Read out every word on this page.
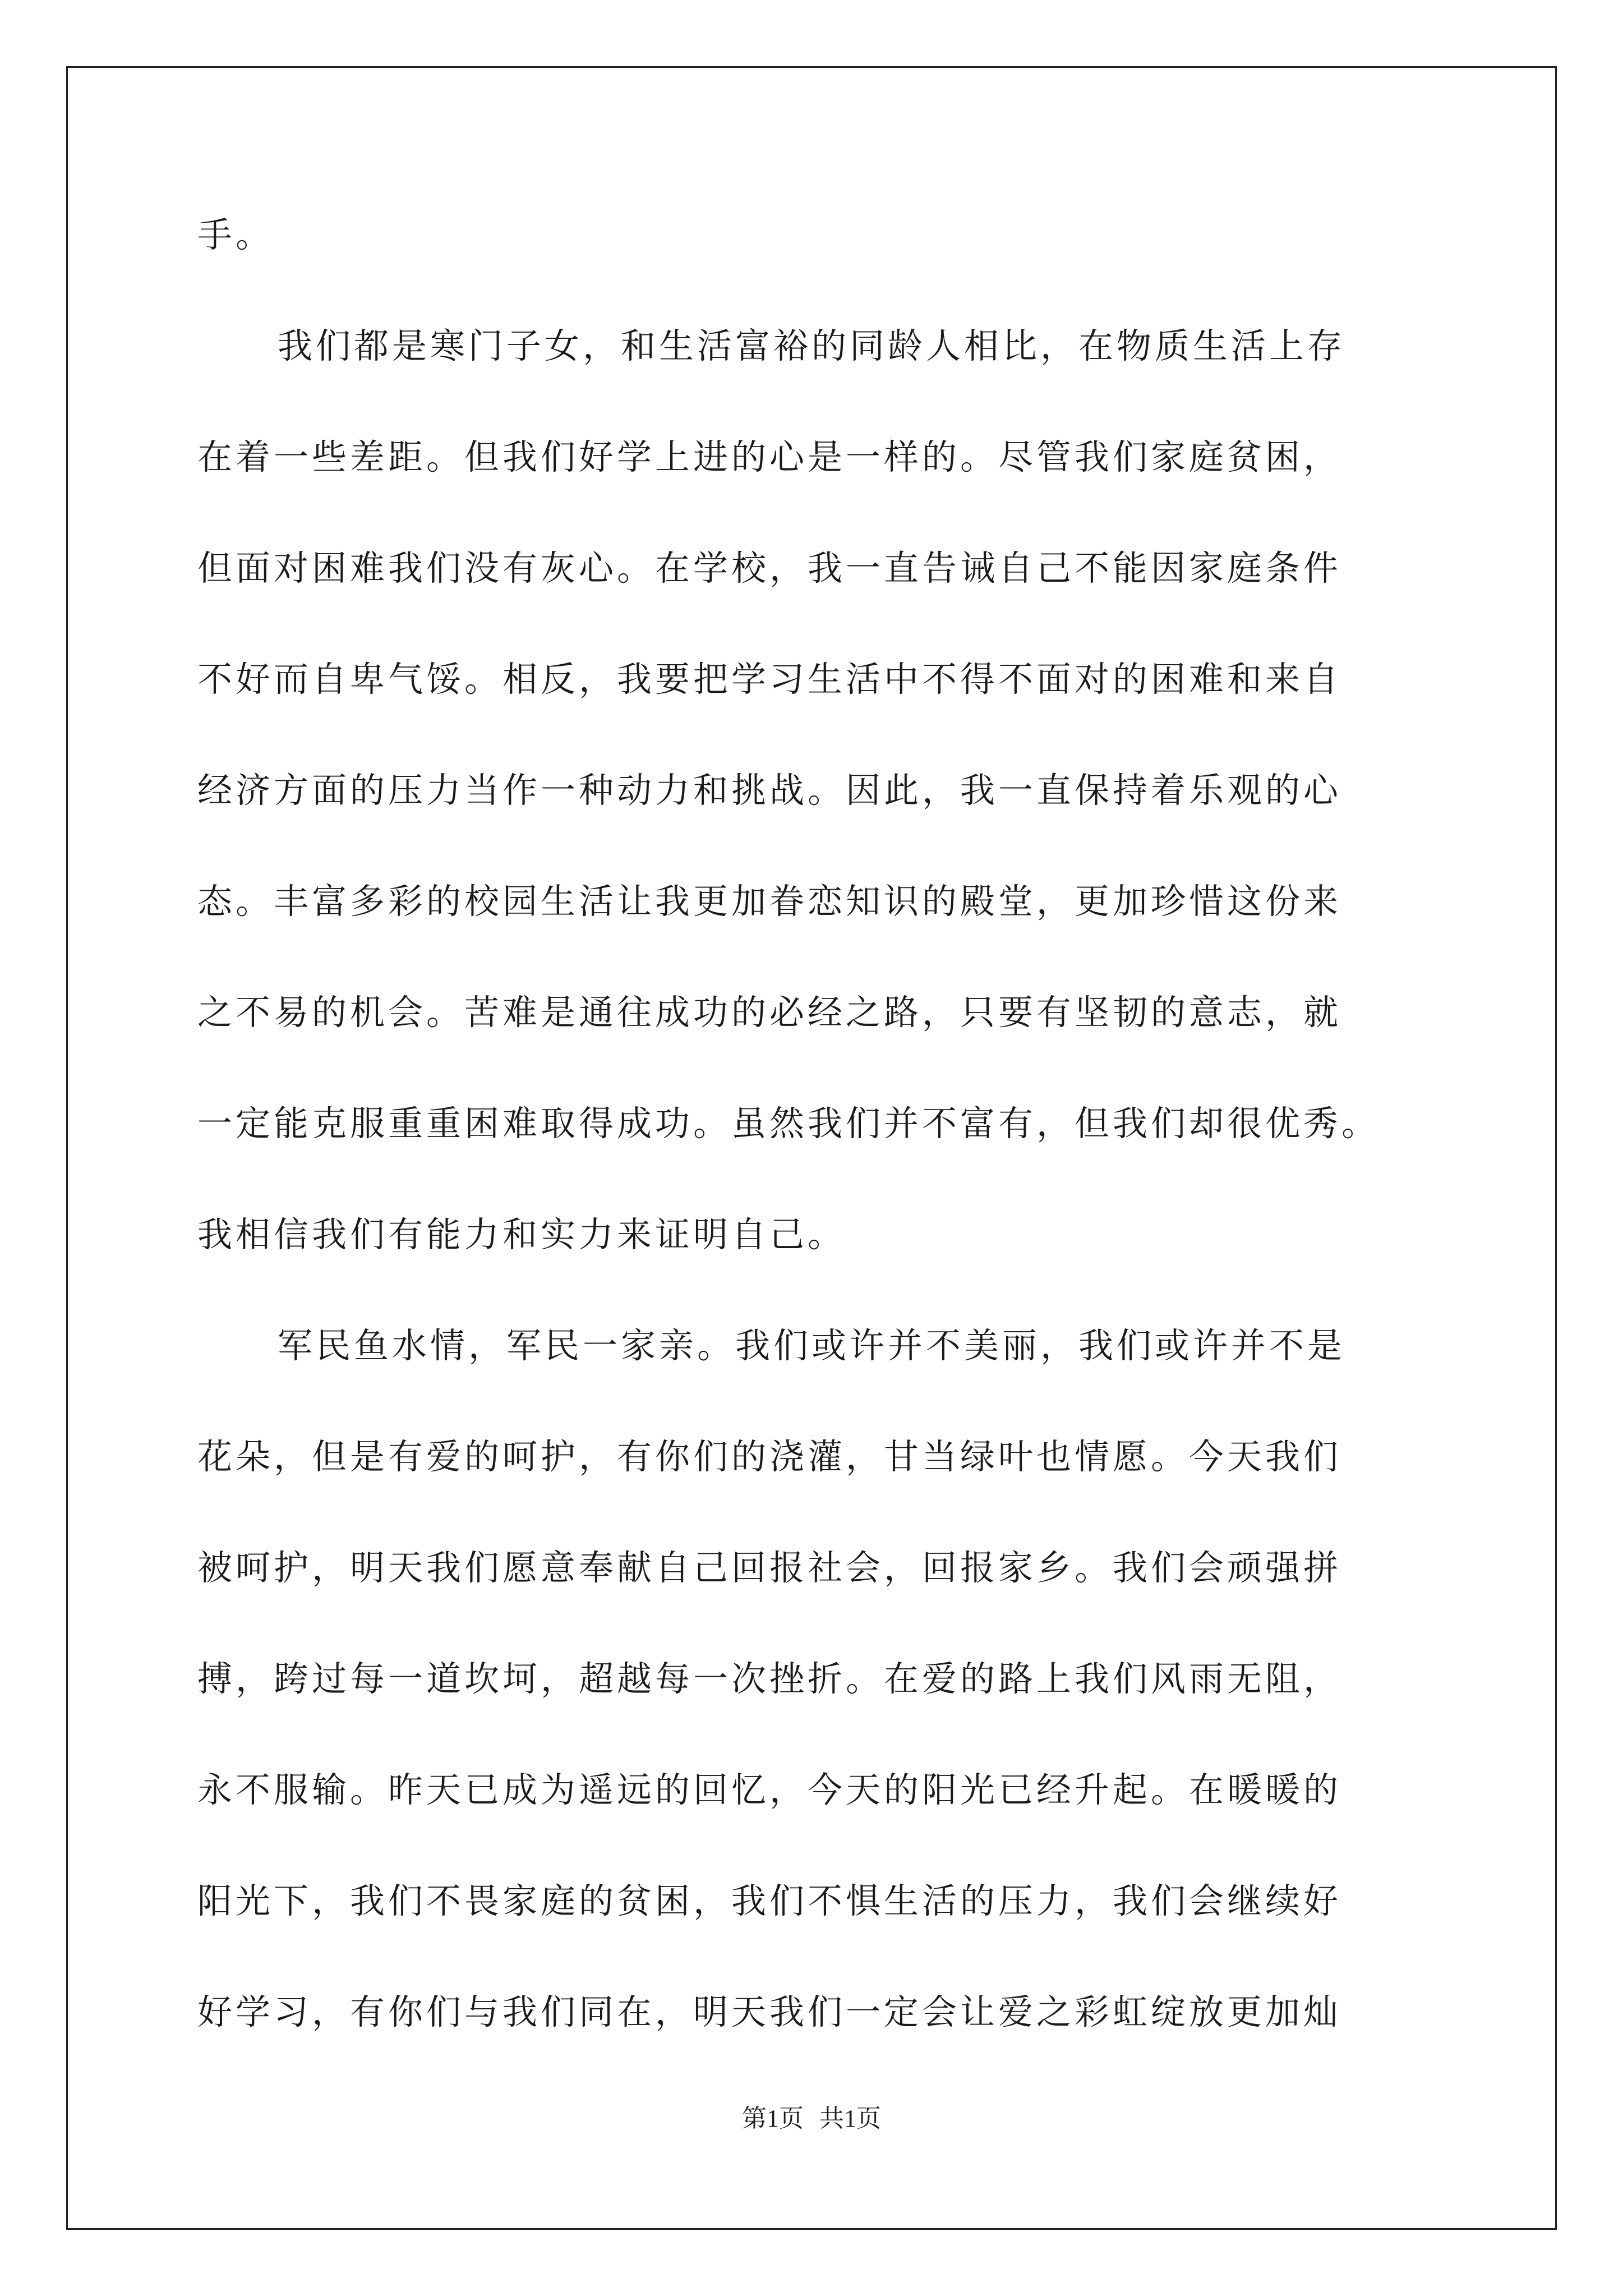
手。
我们都是寒门子女，和生活富裕的同龄人相比，在物质生活上存
在着一些差距。但我们好学上进的心是一样的。尽管我们家庭贫困，
但面对困难我们没有灰心。在学校，我一直告诫自己不能因家庭条件
不好而自卑气馁。相反，我要把学习生活中不得不面对的困难和来自
经济方面的压力当作一种动力和挑战。因此，我一直保持着乐观的心
态。丰富多彩的校园生活让我更加眷恋知识的殿堂，更加珍惜这份来
之不易的机会。苦难是通往成功的必经之路，只要有坚韧的意志，就
一定能克服重重困难取得成功。虽然我们并不富有，但我们却很优秀。
我相信我们有能力和实力来证明自己。
军民鱼水情，军民一家亲。我们或许并不美丽，我们或许并不是
花朵，但是有爱的呵护，有你们的浇灌，甘当绿叶也情愿。今天我们
被呵护，明天我们愿意奉献自己回报社会，回报家乡。我们会顽强拼
搏，跨过每一道坎坷，超越每一次挫折。在爱的路上我们风雨无阻，
永不服输。昨天已成为遥远的回忆，今天的阳光已经升起。在暖暖的
阳光下，我们不畏家庭的贫困，我们不惧生活的压力，我们会继续好
好学习，有你们与我们同在，明天我们一定会让爱之彩虹绽放更加灿
第1页 共1页
